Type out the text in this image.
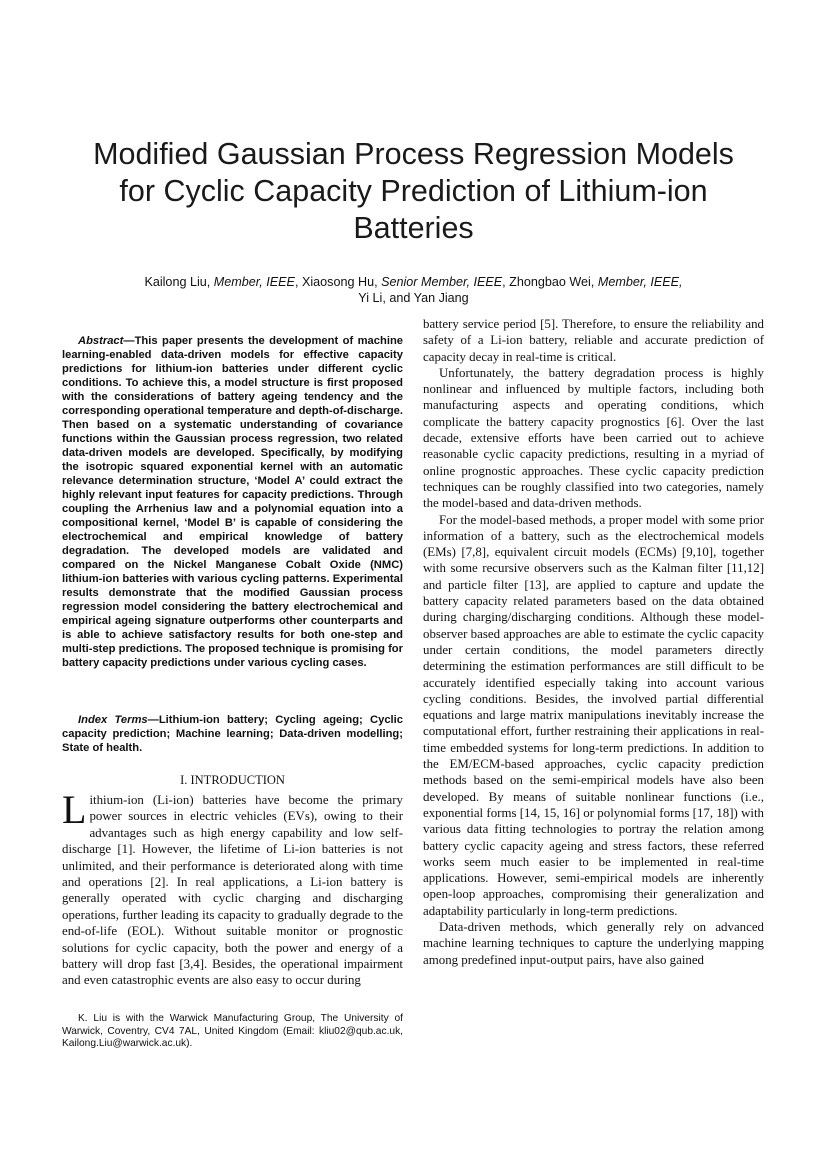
Modified Gaussian Process Regression Models for Cyclic Capacity Prediction of Lithium-ion Batteries

Kailong Liu, Member, IEEE, Xiaosong Hu, Senior Member, IEEE, Zhongbao Wei, Member, IEEE,
Yi Li, and Yan Jiang

Abstract—This paper presents the development of machine learning-enabled data-driven models for effective capacity predictions for lithium-ion batteries under different cyclic conditions. To achieve this, a model structure is first proposed with the considerations of battery ageing tendency and the corresponding operational temperature and depth-of-discharge. Then based on a systematic understanding of covariance functions within the Gaussian process regression, two related data-driven models are developed. Specifically, by modifying the isotropic squared exponential kernel with an automatic relevance determination structure, ‘Model A’ could extract the highly relevant input features for capacity predictions. Through coupling the Arrhenius law and a polynomial equation into a compositional kernel, ‘Model B’ is capable of considering the electrochemical and empirical knowledge of battery degradation. The developed models are validated and compared on the Nickel Manganese Cobalt Oxide (NMC) lithium-ion batteries with various cycling patterns. Experimental results demonstrate that the modified Gaussian process regression model considering the battery electrochemical and empirical ageing signature outperforms other counterparts and is able to achieve satisfactory results for both one-step and multi-step predictions. The proposed technique is promising for battery capacity predictions under various cycling cases.

Index Terms—Lithium-ion battery; Cycling ageing; Cyclic capacity prediction; Machine learning; Data-driven modelling; State of health.

I. INTRODUCTION

Lithium-ion (Li-ion) batteries have become the primary power sources in electric vehicles (EVs), owing to their advantages such as high energy capability and low self-discharge [1]. However, the lifetime of Li-ion batteries is not unlimited, and their performance is deteriorated along with time and operations [2]. In real applications, a Li-ion battery is generally operated with cyclic charging and discharging operations, further leading its capacity to gradually degrade to the end-of-life (EOL). Without suitable monitor or prognostic solutions for cyclic capacity, both the power and energy of a battery will drop fast [3,4]. Besides, the operational impairment and even catastrophic events are also easy to occur during

K. Liu is with the Warwick Manufacturing Group, The University of Warwick, Coventry, CV4 7AL, United Kingdom (Email: kliu02@qub.ac.uk, Kailong.Liu@warwick.ac.uk).

battery service period [5]. Therefore, to ensure the reliability and safety of a Li-ion battery, reliable and accurate prediction of capacity decay in real-time is critical.

Unfortunately, the battery degradation process is highly nonlinear and influenced by multiple factors, including both manufacturing aspects and operating conditions, which complicate the battery capacity prognostics [6]. Over the last decade, extensive efforts have been carried out to achieve reasonable cyclic capacity predictions, resulting in a myriad of online prognostic approaches. These cyclic capacity prediction techniques can be roughly classified into two categories, namely the model-based and data-driven methods.

For the model-based methods, a proper model with some prior information of a battery, such as the electrochemical models (EMs) [7,8], equivalent circuit models (ECMs) [9,10], together with some recursive observers such as the Kalman filter [11,12] and particle filter [13], are applied to capture and update the battery capacity related parameters based on the data obtained during charging/discharging conditions. Although these model-observer based approaches are able to estimate the cyclic capacity under certain conditions, the model parameters directly determining the estimation performances are still difficult to be accurately identified especially taking into account various cycling conditions. Besides, the involved partial differential equations and large matrix manipulations inevitably increase the computational effort, further restraining their applications in real-time embedded systems for long-term predictions. In addition to the EM/ECM-based approaches, cyclic capacity prediction methods based on the semi-empirical models have also been developed. By means of suitable nonlinear functions (i.e., exponential forms [14, 15, 16] or polynomial forms [17, 18]) with various data fitting technologies to portray the relation among battery cyclic capacity ageing and stress factors, these referred works seem much easier to be implemented in real-time applications. However, semi-empirical models are inherently open-loop approaches, compromising their generalization and adaptability particularly in long-term predictions.

Data-driven methods, which generally rely on advanced machine learning techniques to capture the underlying mapping among predefined input-output pairs, have also gained
